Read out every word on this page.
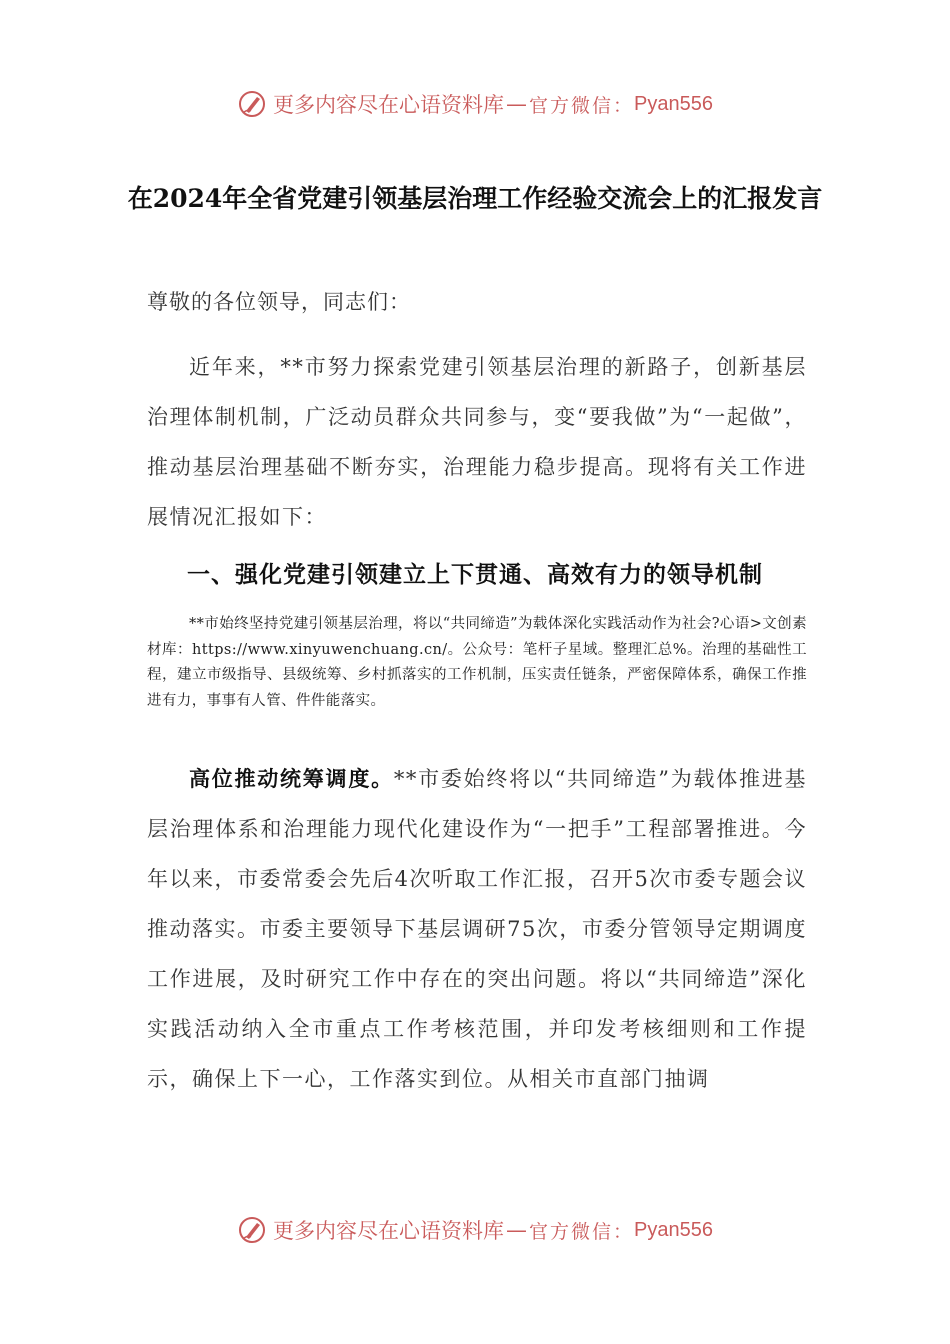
更多内容尽在心语资料库 — 官方微信： Pyan556
在2024年全省党建引领基层治理工作经验交流会上的汇报发言
尊敬的各位领导，同志们：
近年来，**市努力探索党建引领基层治理的新路子，创新基层治理体制机制，广泛动员群众共同参与，变“要我做”为“一起做”，推动基层治理基础不断夯实，治理能力稳步提高。现将有关工作进展情况汇报如下：
一、强化党建引领建立上下贯通、高效有力的领导机制
**市始终坚持党建引领基层治理，将以“共同缔造”为载体深化实践活动作为社会?心语>文创素材库：https://www.xinyuwenchuang.cn/。公众号：笔杆子星域。整理汇总%。治理的基础性工程，建立市级指导、县级统筹、乡村抓落实的工作机制，压实责任链条，严密保障体系，确保工作推进有力，事事有人管、件件能落实。
高位推动统筹调度。**市委始终将以“共同缔造”为载体推进基层治理体系和治理能力现代化建设作为“一把手”工程部署推进。今年以来，市委常委会先后4次听取工作汇报，召开5次市委专题会议推动落实。市委主要领导下基层调研75次，市委分管领导定期调度工作进展，及时研究工作中存在的突出问题。将以“共同缔造”深化实践活动纳入全市重点工作考核范围，并印发考核细则和工作提示，确保上下一心，工作落实到位。从相关市直部门抽调
更多内容尽在心语资料库 — 官方微信： Pyan556
